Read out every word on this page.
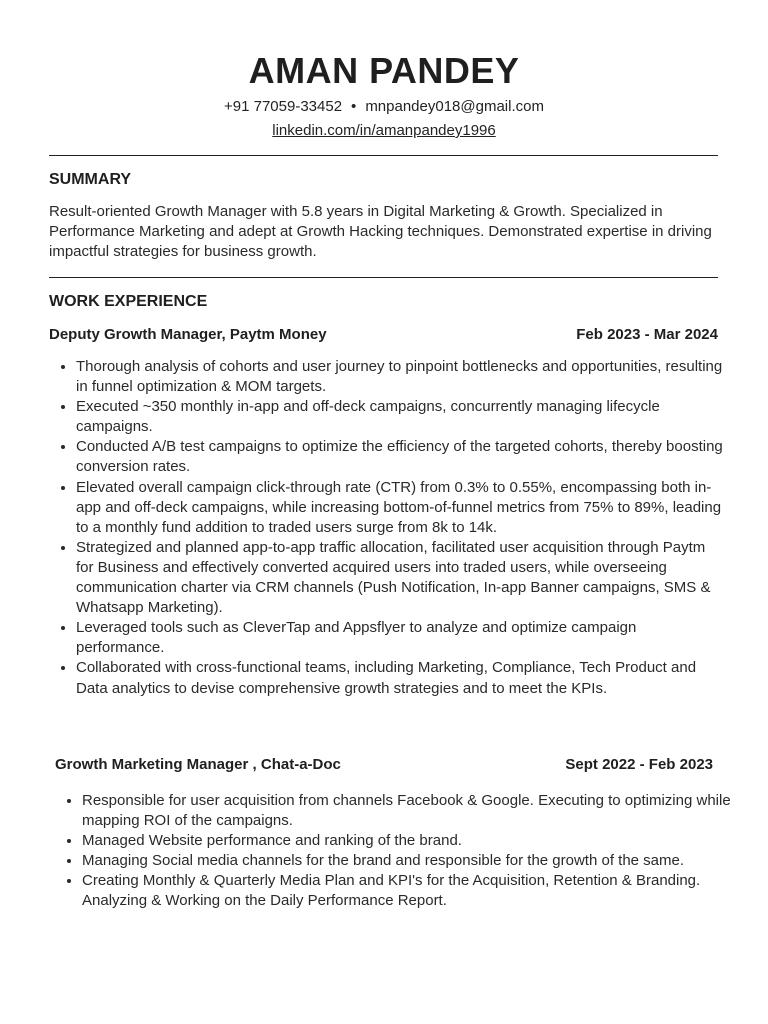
AMAN PANDEY
+91 77059-33452 • mnpandey018@gmail.com
linkedin.com/in/amanpandey1996
SUMMARY

Result-oriented Growth Manager with 5.8 years in Digital Marketing & Growth. Specialized in Performance Marketing and adept at Growth Hacking techniques. Demonstrated expertise in driving impactful strategies for business growth.

WORK EXPERIENCE
Deputy Growth Manager, Paytm Money	Feb 2023 - Mar 2024
• Thorough analysis of cohorts and user journey to pinpoint bottlenecks and opportunities, resulting in funnel optimization & MOM targets.
• Executed ~350 monthly in-app and off-deck campaigns, concurrently managing lifecycle campaigns.
• Conducted A/B test campaigns to optimize the efficiency of the targeted cohorts, thereby boosting conversion rates.
• Elevated overall campaign click-through rate (CTR) from 0.3% to 0.55%, encompassing both in-app and off-deck campaigns, while increasing bottom-of-funnel metrics from 75% to 89%, leading to a monthly fund addition to traded users surge from 8k to 14k.
• Strategized and planned app-to-app traffic allocation, facilitated user acquisition through Paytm for Business and effectively converted acquired users into traded users, while overseeing communication charter via CRM channels (Push Notification, In-app Banner campaigns, SMS & Whatsapp Marketing).
• Leveraged tools such as CleverTap and Appsflyer to analyze and optimize campaign performance.
• Collaborated with cross-functional teams, including Marketing, Compliance, Tech Product and Data analytics to devise comprehensive growth strategies and to meet the KPIs.
Growth Marketing Manager , Chat-a-Doc	Sept 2022 - Feb 2023
• Responsible for user acquisition from channels Facebook & Google. Executing to optimizing while mapping ROI of the campaigns.
• Managed Website performance and ranking of the brand.
• Managing Social media channels for the brand and responsible for the growth of the same.
• Creating Monthly & Quarterly Media Plan and KPI's for the Acquisition, Retention & Branding. Analyzing & Working on the Daily Performance Report.
